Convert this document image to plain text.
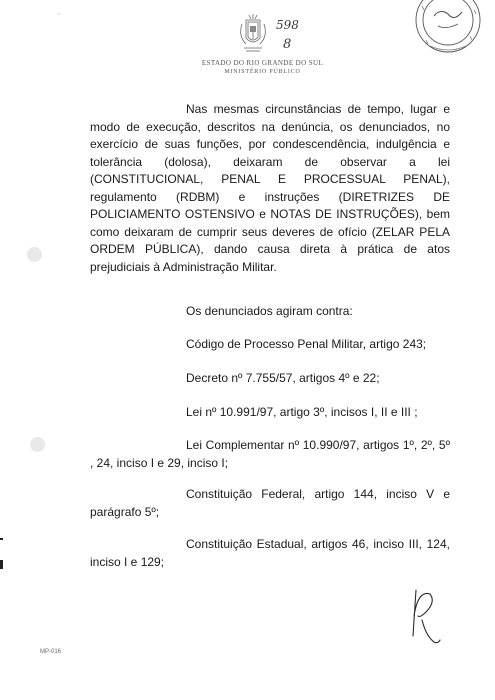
~
598
8
ESTADO DO RIO GRANDE DO SUL
MINISTÉRIO PÚBLICO

Nas mesmas circunstâncias de tempo, lugar e modo de execução, descritos na denúncia, os denunciados, no exercício de suas funções, por condescendência, indulgência e tolerância (dolosa), deixaram de observar a lei (CONSTITUCIONAL, PENAL E PROCESSUAL PENAL), regulamento (RDBM) e instruções (DIRETRIZES DE POLICIAMENTO OSTENSIVO e NOTAS DE INSTRUÇÕES), bem como deixaram de cumprir seus deveres de ofício (ZELAR PELA ORDEM PÚBLICA), dando causa direta à prática de atos prejudiciais à Administração Militar.

Os denunciados agiram contra:

Código de Processo Penal Militar, artigo 243;

Decreto nº 7.755/57, artigos 4º e 22;

Lei nº 10.991/97, artigo 3º, incisos I, II e III ;

Lei Complementar nº 10.990/97, artigos 1º, 2º, 5º , 24, inciso I e 29, inciso I;

Constituição Federal, artigo 144, inciso V e parágrafo 5º;

Constituição Estadual, artigos 46, inciso III, 124, inciso I e 129;

MP-016
